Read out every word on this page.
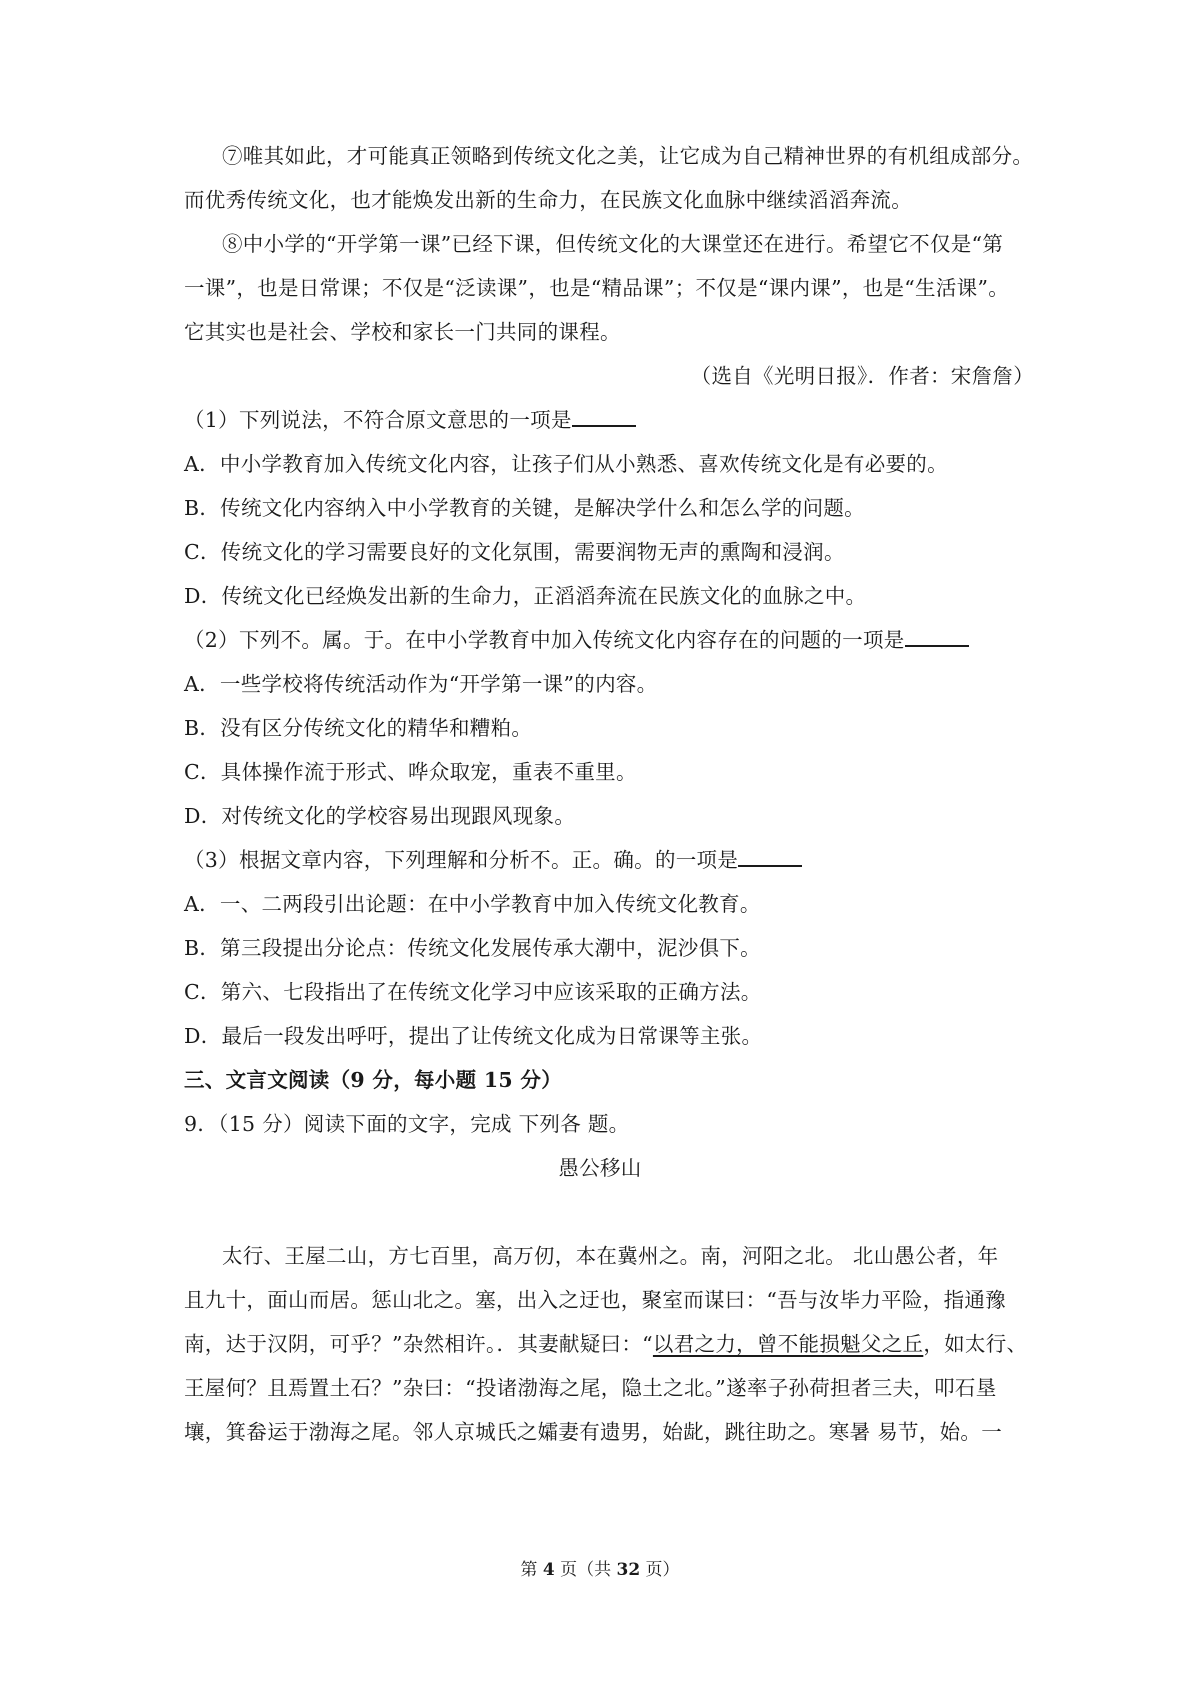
⑦唯其如此，才可能真正领略到传统文化之美，让它成为自己精神世界的有机组成部分。
而优秀传统文化，也才能焕发出新的生命力，在民族文化血脉中继续滔滔奔流。
⑧中小学的“开学第一课”已经下课，但传统文化的大课堂还在进行。希望它不仅是“第
一课”，也是日常课；不仅是“泛读课”，也是“精品课”；不仅是“课内课”，也是“生活课”。
它其实也是社会、学校和家长一门共同的课程。
（选自《光明日报》．作者：宋詹詹）
（1）下列说法，不符合原文意思的一项是
A．中小学教育加入传统文化内容，让孩子们从小熟悉、喜欢传统文化是有必要的。
B．传统文化内容纳入中小学教育的关键，是解决学什么和怎么学的问题。
C．传统文化的学习需要良好的文化氛围，需要润物无声的熏陶和浸润。
D．传统文化已经焕发出新的生命力，正滔滔奔流在民族文化的血脉之中。
（2）下列不。属。于。在中小学教育中加入传统文化内容存在的问题的一项是
A．一些学校将传统活动作为“开学第一课”的内容。
B．没有区分传统文化的精华和糟粕。
C．具体操作流于形式、哗众取宠，重表不重里。
D．对传统文化的学校容易出现跟风现象。
（3）根据文章内容，下列理解和分析不。正。确。的一项是
A．一、二两段引出论题：在中小学教育中加入传统文化教育。
B．第三段提出分论点：传统文化发展传承大潮中，泥沙俱下。
C．第六、七段指出了在传统文化学习中应该采取的正确方法。
D．最后一段发出呼吁，提出了让传统文化成为日常课等主张。
三、文言文阅读（9 分，每小题 15 分）
9．（15 分）阅读下面的文字，完成 下列各 题。
愚公移山
太行、王屋二山，方七百里，高万仞，本在冀州之。南，河阳之北。 北山愚公者，年
且九十，面山而居。惩山北之。塞，出入之迂也，聚室而谋曰：“吾与汝毕力平险，指通豫
南，达于汉阴，可乎？”杂然相许。．其妻献疑曰：“以君之力，曾不能损魁父之丘，如太行、
王屋何？且焉置土石？”杂曰：“投诸渤海之尾，隐土之北。”遂率子孙荷担者三夫，叩石垦
壤，箕畚运于渤海之尾。邻人京城氏之孀妻有遗男，始龀，跳往助之。寒暑 易节，始。一
第 4 页（共 32 页）
